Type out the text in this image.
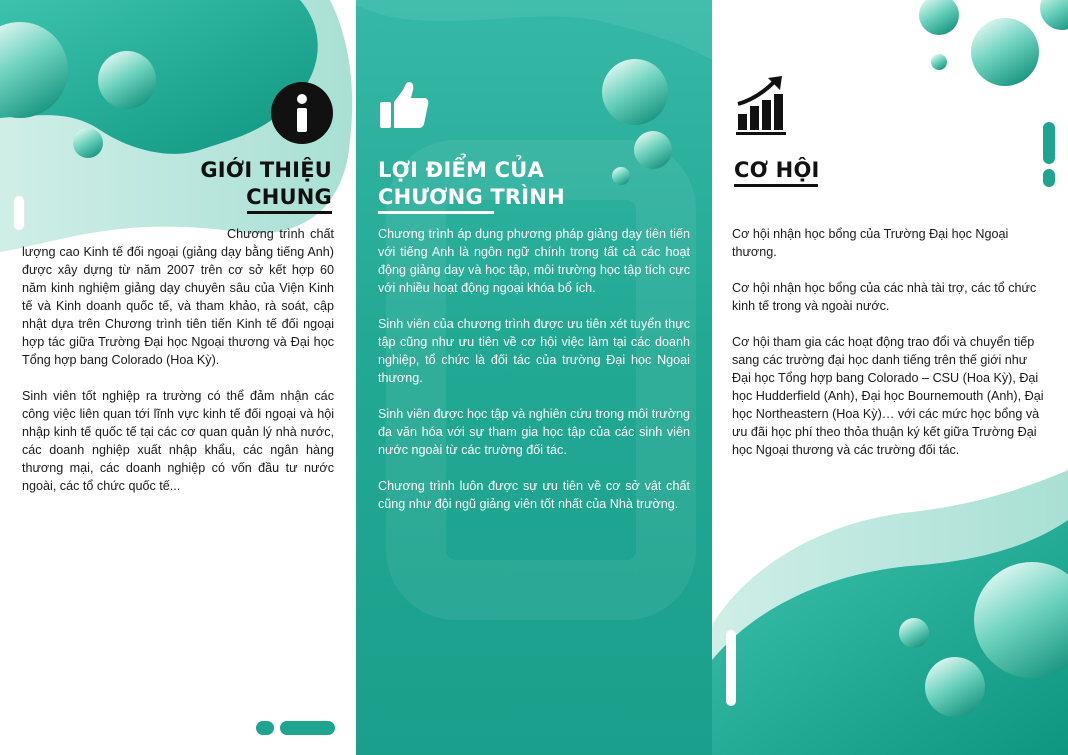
GIỚI THIỆU
CHUNG

Chương trình chất lượng cao Kinh tế đối ngoại (giảng dạy bằng tiếng Anh) được xây dựng từ năm 2007 trên cơ sở kết hợp 60 năm kinh nghiệm giảng dạy chuyên sâu của Viện Kinh tế và Kinh doanh quốc tế, và tham khảo, rà soát, cập nhật dựa trên Chương trình tiên tiến Kinh tế đối ngoại hợp tác giữa Trường Đại học Ngoại thương và Đại học Tổng hợp bang Colorado (Hoa Kỳ).

Sinh viên tốt nghiệp ra trường có thể đảm nhận các công việc liên quan tới lĩnh vực kinh tế đối ngoại và hội nhập kinh tế quốc tế tại các cơ quan quản lý nhà nước, các doanh nghiệp xuất nhập khẩu, các ngân hàng thương mại, các doanh nghiệp có vốn đầu tư nước ngoài, các tổ chức quốc tế...

LỢI ĐIỂM CỦA
CHƯƠNG TRÌNH

Chương trình áp dụng phương pháp giảng dạy tiên tiến với tiếng Anh là ngôn ngữ chính trong tất cả các hoạt động giảng dạy và học tập, môi trường học tập tích cực với nhiều hoạt động ngoại khóa bổ ích.

Sinh viên của chương trình được ưu tiên xét tuyển thực tập cũng như ưu tiên về cơ hội việc làm tại các doanh nghiệp, tổ chức là đối tác của trường Đại học Ngoại thương.

Sinh viên được học tập và nghiên cứu trong môi trường đa văn hóa với sự tham gia học tập của các sinh viên nước ngoài từ các trường đối tác.

Chương trình luôn được sự ưu tiên về cơ sở vật chất cũng như đội ngũ giảng viên tốt nhất của Nhà trường.

CƠ HỘI

Cơ hội nhận học bổng của Trường Đại học Ngoại thương.

Cơ hội nhận học bổng của các nhà tài trợ, các tổ chức kinh tế trong và ngoài nước.

Cơ hội tham gia các hoạt động trao đổi và chuyển tiếp sang các trường đại học danh tiếng trên thế giới như Đại học Tổng hợp bang Colorado – CSU (Hoa Kỳ), Đại học Hudderfield (Anh), Đại học Bournemouth (Anh), Đại học Northeastern (Hoa Kỳ)… với các mức học bổng và ưu đãi học phí theo thỏa thuận ký kết giữa Trường Đại học Ngoại thương và các trường đối tác.
